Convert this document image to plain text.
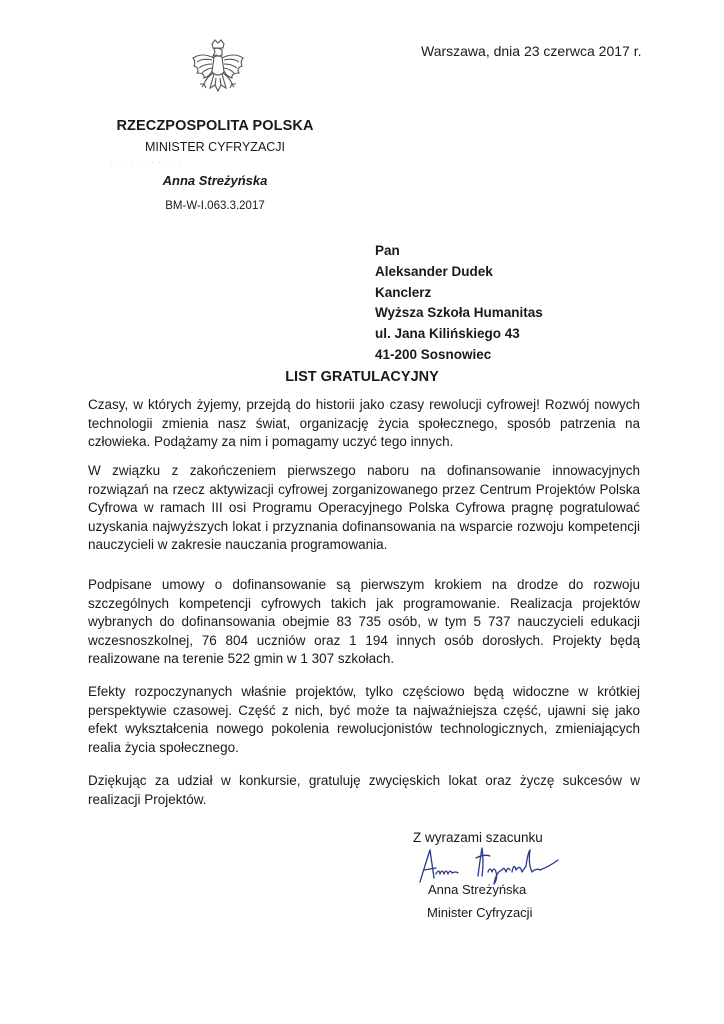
Warszawa, dnia 23 czerwca 2017 r.
RZECZPOSPOLITA POLSKA
MINISTER CYFRYZACJI
· · · · · · · · · · ·
Anna Streżyńska
BM-W-I.063.3.2017
Pan
Aleksander Dudek
Kanclerz
Wyższa Szkoła Humanitas
ul. Jana Kilińskiego 43
41-200 Sosnowiec
LIST GRATULACYJNY
Czasy, w których żyjemy, przejdą do historii jako czasy rewolucji cyfrowej! Rozwój nowych technologii zmienia nasz świat, organizację życia społecznego, sposób patrzenia na człowieka. Podążamy za nim i pomagamy uczyć tego innych.
W związku z zakończeniem pierwszego naboru na dofinansowanie innowacyjnych rozwiązań na rzecz aktywizacji cyfrowej zorganizowanego przez Centrum Projektów Polska Cyfrowa w ramach III osi Programu Operacyjnego Polska Cyfrowa pragnę pogratulować uzyskania najwyższych lokat i przyznania dofinansowania na wsparcie rozwoju kompetencji nauczycieli w zakresie nauczania programowania.
Podpisane umowy o dofinansowanie są pierwszym krokiem na drodze do rozwoju szczególnych kompetencji cyfrowych takich jak programowanie. Realizacja projektów wybranych do dofinansowania obejmie 83 735 osób, w tym 5 737 nauczycieli edukacji wczesnoszkolnej, 76 804 uczniów oraz 1 194 innych osób dorosłych. Projekty będą realizowane na terenie 522 gmin w 1 307 szkołach.
Efekty rozpoczynanych właśnie projektów, tylko częściowo będą widoczne w krótkiej perspektywie czasowej. Część z nich, być może ta najważniejsza część, ujawni się jako efekt wykształcenia nowego pokolenia rewolucjonistów technologicznych, zmieniających realia życia społecznego.
Dziękując za udział w konkursie, gratuluję zwycięskich lokat oraz życzę sukcesów w realizacji Projektów.
Z wyrazami szacunku
Anna Streżyńska
Minister Cyfryzacji
